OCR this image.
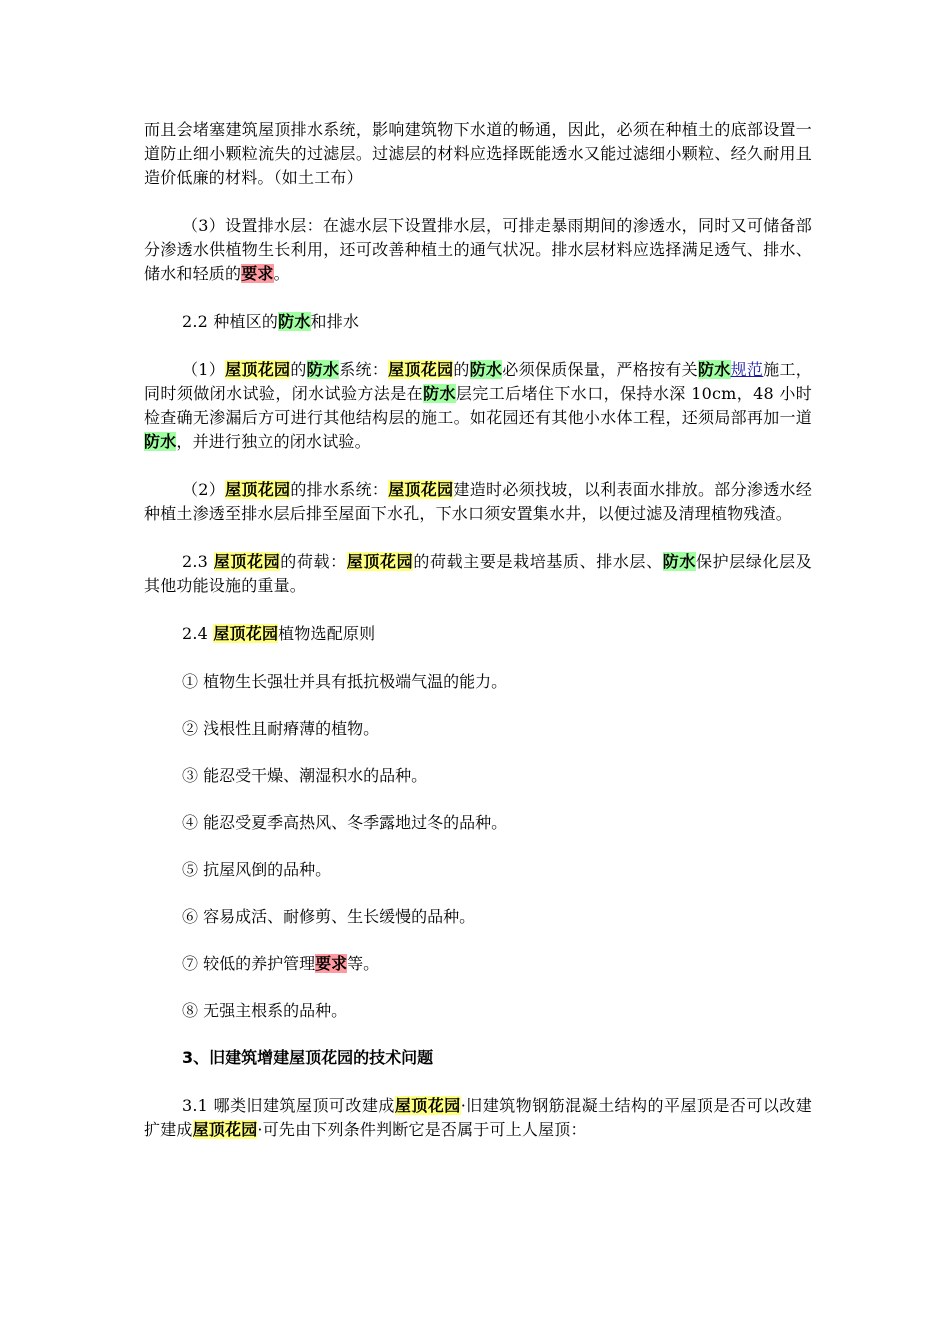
而且会堵塞建筑屋顶排水系统，影响建筑物下水道的畅通，因此，必须在种植土的底部设置一道防止细小颗粒流失的过滤层。过滤层的材料应选择既能透水又能过滤细小颗粒、经久耐用且造价低廉的材料。（如土工布）

（3）设置排水层：在滤水层下设置排水层，可排走暴雨期间的渗透水，同时又可储备部分渗透水供植物生长利用，还可改善种植土的通气状况。排水层材料应选择满足透气、排水、储水和轻质的要求。

2.2 种植区的防水和排水

（1）屋顶花园的防水系统：屋顶花园的防水必须保质保量，严格按有关防水规范施工，同时须做闭水试验，闭水试验方法是在防水层完工后堵住下水口，保持水深 10cm，48 小时检查确无渗漏后方可进行其他结构层的施工。如花园还有其他小水体工程，还须局部再加一道防水，并进行独立的闭水试验。

（2）屋顶花园的排水系统：屋顶花园建造时必须找坡，以利表面水排放。部分渗透水经种植土渗透至排水层后排至屋面下水孔，下水口须安置集水井，以便过滤及清理植物残渣。

2.3 屋顶花园的荷载：屋顶花园的荷载主要是栽培基质、排水层、防水保护层绿化层及其他功能设施的重量。

2.4 屋顶花园植物选配原则

① 植物生长强壮并具有抵抗极端气温的能力。

② 浅根性且耐瘠薄的植物。

③ 能忍受干燥、潮湿积水的品种。

④ 能忍受夏季高热风、冬季露地过冬的品种。

⑤ 抗屋风倒的品种。

⑥ 容易成活、耐修剪、生长缓慢的品种。

⑦ 较低的养护管理要求等。

⑧ 无强主根系的品种。

3、旧建筑增建屋顶花园的技术问题

3.1 哪类旧建筑屋顶可改建成屋顶花园·旧建筑物钢筋混凝土结构的平屋顶是否可以改建扩建成屋顶花园·可先由下列条件判断它是否属于可上人屋顶：
